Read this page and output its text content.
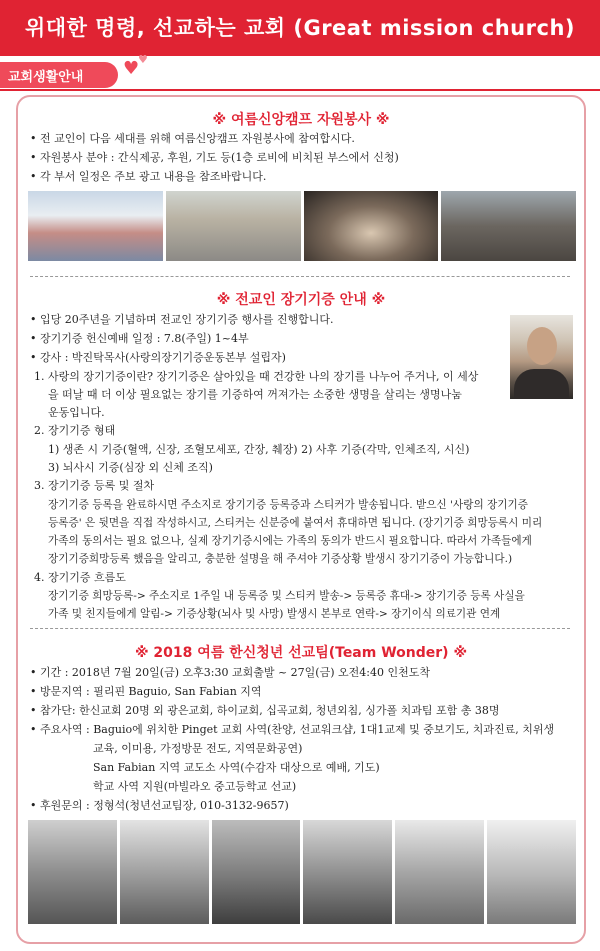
위대한 명령, 선교하는 교회 (Great mission church)
교회생활안내 ♥
♥
※ 여름신앙캠프 자원봉사 ※
• 전 교인이 다음 세대를 위해 여름신앙캠프 자원봉사에 참여합시다.
• 자원봉사 분야 : 간식제공, 후원, 기도 등(1층 로비에 비치된 부스에서 신청)
• 각 부서 일정은 주보 광고 내용을 참조바랍니다.
※ 전교인 장기기증 안내 ※
• 입당 20주년을 기념하며 전교인 장기기증 행사를 진행합니다.
• 장기기증 헌신예배 일정 : 7.8(주일) 1~4부
• 강사 : 박진탁목사(사랑의장기기증운동본부 설립자)
1. 사랑의 장기기증이란? 장기기증은 살아있을 때 건강한 나의 장기를 나누어 주거나, 이 세상
을 떠날 때 더 이상 필요없는 장기를 기증하여 꺼져가는 소중한 생명을 살리는 생명나눔
운동입니다.
2. 장기기증 형태
1) 생존 시 기증(혈액, 신장, 조혈모세포, 간장, 췌장) 2) 사후 기증(각막, 인체조직, 시신)
3) 뇌사시 기증(심장 외 신체 조직)
3. 장기기증 등록 및 절차
장기기증 등록을 완료하시면 주소지로 장기기증 등록증과 스티커가 발송됩니다. 받으신 '사랑의 장기기증
등록증' 은 뒷면을 직접 작성하시고, 스티커는 신분증에 붙여서 휴대하면 됩니다. (장기기증 희망등록시 미리
가족의 동의서는 필요 없으나, 실제 장기기증시에는 가족의 동의가 반드시 필요합니다. 따라서 가족들에게
장기기증희망등록 했음을 알리고, 충분한 설명을 해 주셔야 기증상황 발생시 장기기증이 가능합니다.)
4. 장기기증 흐름도
장기기증 희망등록-> 주소지로 1주일 내 등록증 및 스티커 발송-> 등록증 휴대-> 장기기증 등록 사실을
가족 및 친지들에게 알림-> 기증상황(뇌사 및 사망) 발생시 본부로 연락-> 장기이식 의료기관 연계
※ 2018 여름 한신청년 선교팀(Team Wonder) ※
• 기간 : 2018년 7월 20일(금) 오후3:30 교회출발 ~ 27일(금) 오전4:40 인천도착
• 방문지역 : 필리핀 Baguio, San Fabian 지역
• 참가단: 한신교회 20명 외 광은교회, 하이교회, 십곡교회, 청년외침, 싱가폴 치과팀 포함 총 38명
• 주요사역 : Baguio에 위치한 Pinget 교회 사역(찬양, 선교워크샵, 1대1교제 및 중보기도, 치과진료, 치위생
교육, 이미용, 가정방문 전도, 지역문화공연)
San Fabian 지역 교도소 사역(수감자 대상으로 예배, 기도)
학교 사역 지원(마빌라오 중고등학교 선교)
• 후원문의 : 정형석(청년선교팀장, 010-3132-9657)
